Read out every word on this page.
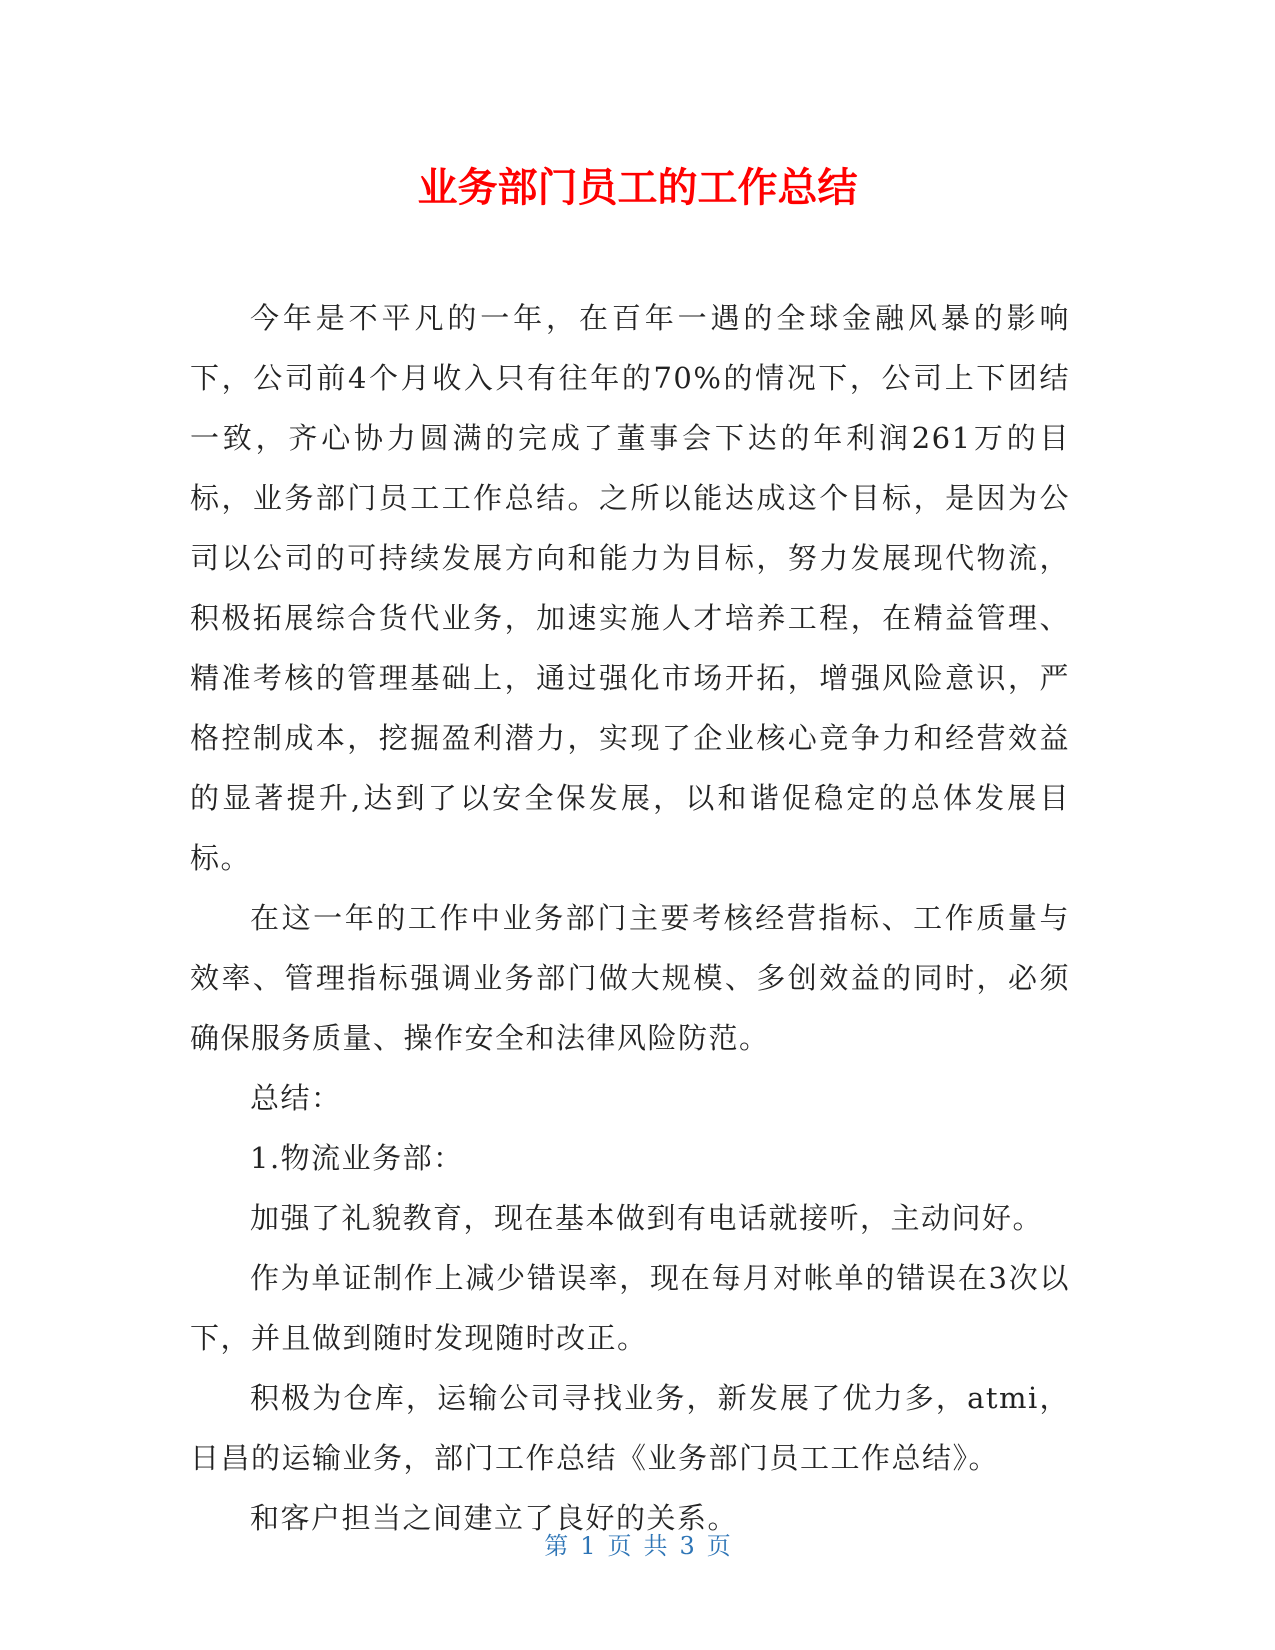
业务部门员工的工作总结

今年是不平凡的一年，在百年一遇的全球金融风暴的影响下，公司前4个月收入只有往年的70%的情况下，公司上下团结一致，齐心协力圆满的完成了董事会下达的年利润261万的目标，业务部门员工工作总结。之所以能达成这个目标，是因为公司以公司的可持续发展方向和能力为目标，努力发展现代物流，积极拓展综合货代业务，加速实施人才培养工程，在精益管理、精准考核的管理基础上，通过强化市场开拓，增强风险意识，严格控制成本，挖掘盈利潜力，实现了企业核心竞争力和经营效益的显著提升,达到了以安全保发展，以和谐促稳定的总体发展目标。

在这一年的工作中业务部门主要考核经营指标、工作质量与效率、管理指标强调业务部门做大规模、多创效益的同时，必须确保服务质量、操作安全和法律风险防范。

总结：

1.物流业务部：

加强了礼貌教育，现在基本做到有电话就接听，主动问好。

作为单证制作上减少错误率，现在每月对帐单的错误在3次以下，并且做到随时发现随时改正。

积极为仓库，运输公司寻找业务，新发展了优力多，atmi，日昌的运输业务，部门工作总结《业务部门员工工作总结》。

和客户担当之间建立了良好的关系。

第 1 页 共 3 页
